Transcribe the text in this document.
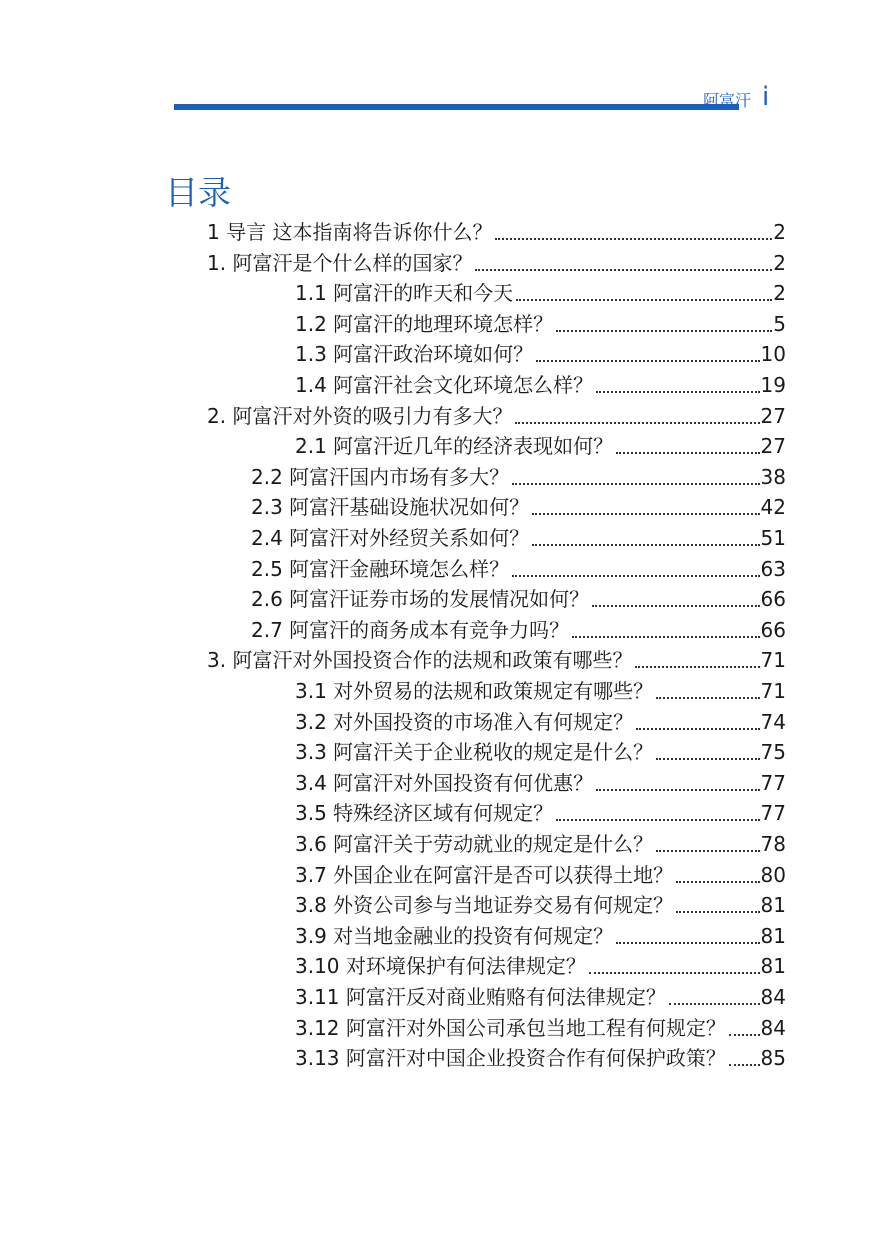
阿富汗 i
目录
1 导言 这本指南将告诉你什么？	2
1. 阿富汗是个什么样的国家？	2
1.1 阿富汗的昨天和今天	2
1.2 阿富汗的地理环境怎样？	5
1.3 阿富汗政治环境如何？	10
1.4 阿富汗社会文化环境怎么样？	19
2. 阿富汗对外资的吸引力有多大？	27
2.1 阿富汗近几年的经济表现如何？	27
2.2 阿富汗国内市场有多大？	38
2.3 阿富汗基础设施状况如何？	42
2.4 阿富汗对外经贸关系如何？	51
2.5 阿富汗金融环境怎么样？	63
2.6 阿富汗证券市场的发展情况如何？	66
2.7 阿富汗的商务成本有竞争力吗？	66
3. 阿富汗对外国投资合作的法规和政策有哪些？	71
3.1 对外贸易的法规和政策规定有哪些？	71
3.2 对外国投资的市场准入有何规定？	74
3.3 阿富汗关于企业税收的规定是什么？	75
3.4 阿富汗对外国投资有何优惠？	77
3.5 特殊经济区域有何规定？	77
3.6 阿富汗关于劳动就业的规定是什么？	78
3.7 外国企业在阿富汗是否可以获得土地？	80
3.8 外资公司参与当地证券交易有何规定？	81
3.9 对当地金融业的投资有何规定？	81
3.10 对环境保护有何法律规定？	81
3.11 阿富汗反对商业贿赂有何法律规定？	84
3.12 阿富汗对外国公司承包当地工程有何规定？ 84
3.13 阿富汗对中国企业投资合作有何保护政策？ 85
